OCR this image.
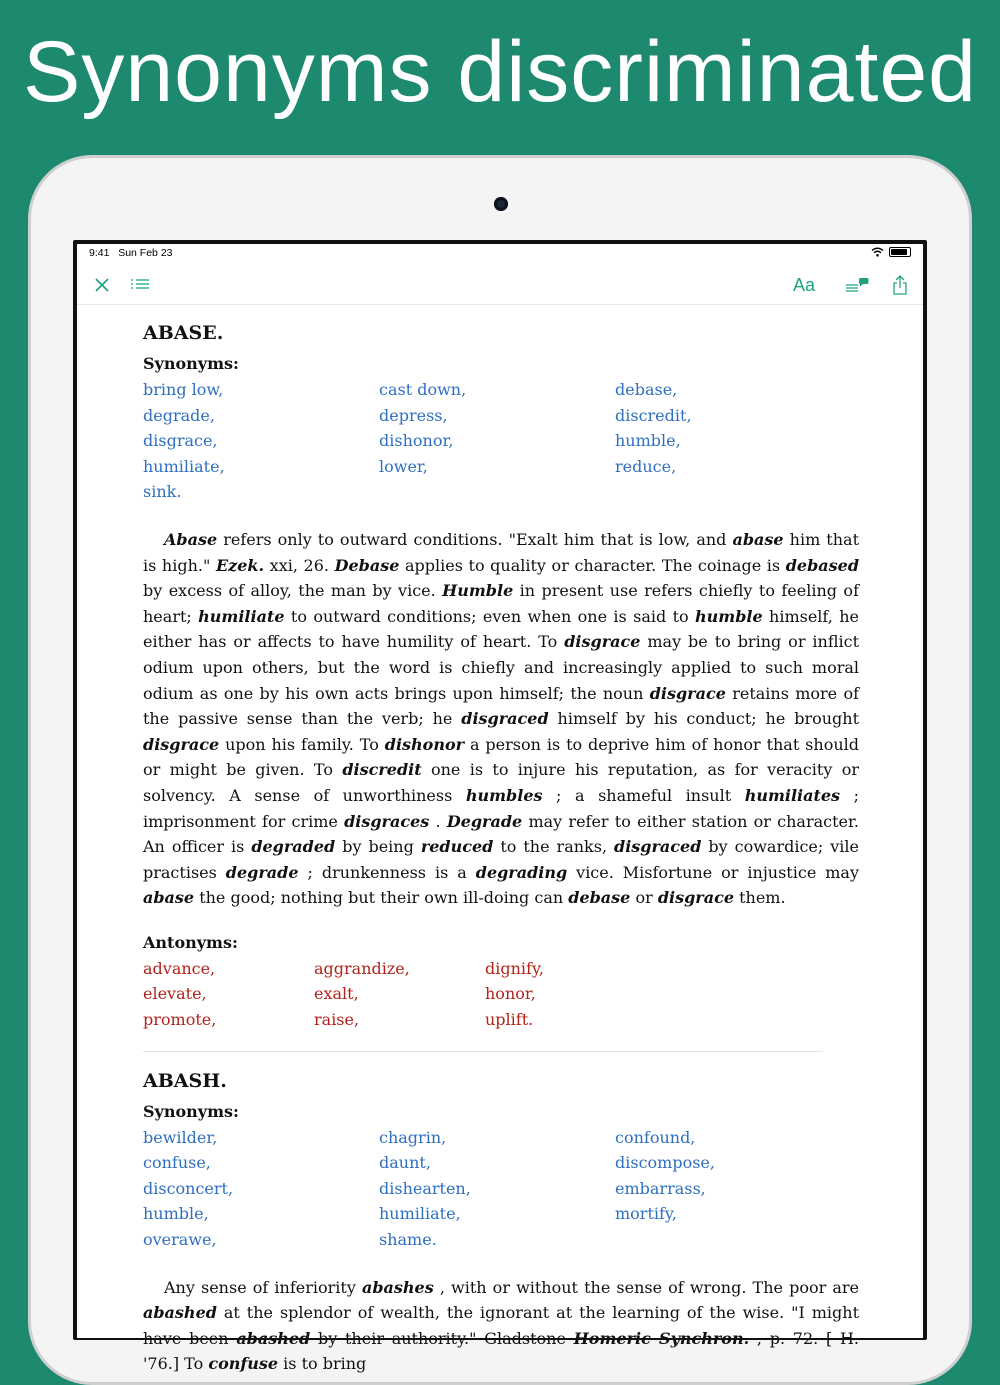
Synonyms discriminated
9:41 Sun Feb 23
Aa
ABASE.
Synonyms:
bring low,	cast down,	debase,
degrade,	depress,	discredit,
disgrace,	dishonor,	humble,
humiliate,	lower,	reduce,
sink.

Abase refers only to outward conditions. "Exalt him that is low, and abase him that is high." Ezek. xxi, 26. Debase applies to quality or character. The coinage is debased by excess of alloy, the man by vice. Humble in present use refers chiefly to feeling of heart; humiliate to outward conditions; even when one is said to humble himself, he either has or affects to have humility of heart. To disgrace may be to bring or inflict odium upon others, but the word is chiefly and increasingly applied to such moral odium as one by his own acts brings upon himself; the noun disgrace retains more of the passive sense than the verb; he disgraced himself by his conduct; he brought disgrace upon his family. To dishonor a person is to deprive him of honor that should or might be given. To discredit one is to injure his reputation, as for veracity or solvency. A sense of unworthiness humbles ; a shameful insult humiliates ; imprisonment for crime disgraces . Degrade may refer to either station or character. An officer is degraded by being reduced to the ranks, disgraced by cowardice; vile practises degrade ; drunkenness is a degrading vice. Misfortune or injustice may abase the good; nothing but their own ill-doing can debase or disgrace them.

Antonyms:
advance,	aggrandize,	dignify,
elevate,	exalt,	honor,
promote,	raise,	uplift.
ABASH.
Synonyms:
bewilder,	chagrin,	confound,
confuse,	daunt,	discompose,
disconcert,	dishearten,	embarrass,
humble,	humiliate,	mortify,
overawe,	shame.

Any sense of inferiority abashes , with or without the sense of wrong. The poor are abashed at the splendor of wealth, the ignorant at the learning of the wise. "I might have been abashed by their authority." Gladstone Homeric Synchron. , p. 72. [ H. '76.] To confuse is to bring
